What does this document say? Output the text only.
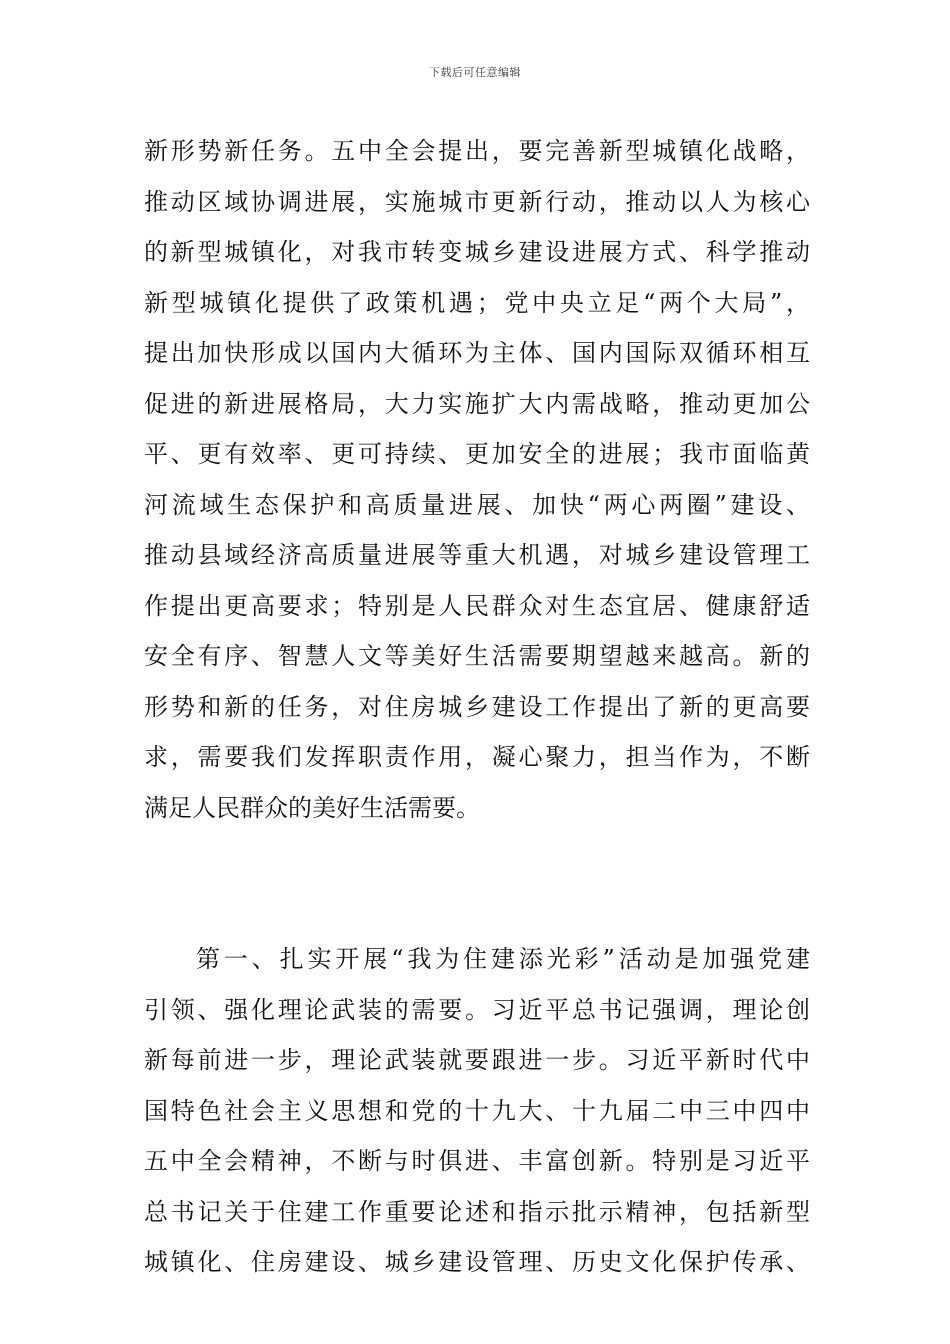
下载后可任意编辑
新形势新任务。五中全会提出，要完善新型城镇化战略，
推动区域协调进展，实施城市更新行动，推动以人为核心
的新型城镇化，对我市转变城乡建设进展方式、科学推动
新型城镇化提供了政策机遇；党中央立足“两个大局”，
提出加快形成以国内大循环为主体、国内国际双循环相互
促进的新进展格局，大力实施扩大内需战略，推动更加公
平、更有效率、更可持续、更加安全的进展；我市面临黄
河流域生态保护和高质量进展、加快“两心两圈”建设、
推动县域经济高质量进展等重大机遇，对城乡建设管理工
作提出更高要求；特别是人民群众对生态宜居、健康舒适
安全有序、智慧人文等美好生活需要期望越来越高。新的
形势和新的任务，对住房城乡建设工作提出了新的更高要
求，需要我们发挥职责作用，凝心聚力，担当作为，不断
满足人民群众的美好生活需要。
第一、扎实开展“我为住建添光彩”活动是加强党建
引领、强化理论武装的需要。习近平总书记强调，理论创
新每前进一步，理论武装就要跟进一步。习近平新时代中
国特色社会主义思想和党的十九大、十九届二中三中四中
五中全会精神，不断与时俱进、丰富创新。特别是习近平
总书记关于住建工作重要论述和指示批示精神，包括新型
城镇化、住房建设、城乡建设管理、历史文化保护传承、
